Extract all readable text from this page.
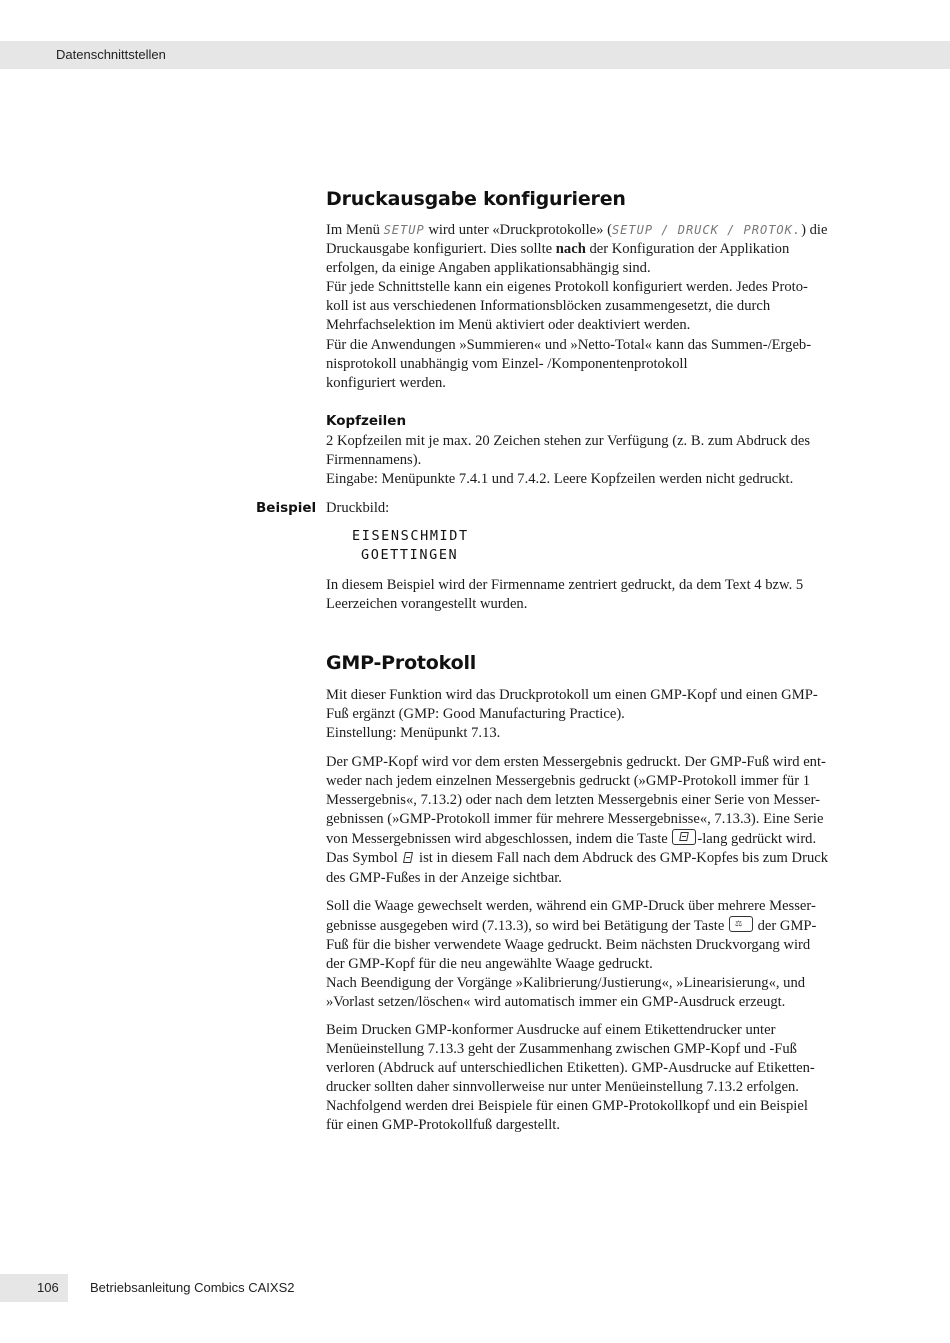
Datenschnittstellen
Druckausgabe konfigurieren
Im Menü SETUP wird unter «Druckprotokolle» (SETUP / DRUCK / PROTOK.) die
Druckausgabe konfiguriert. Dies sollte nach der Konfiguration der Applikation
erfolgen, da einige Angaben applikationsabhängig sind.
Für jede Schnittstelle kann ein eigenes Protokoll konfiguriert werden. Jedes Proto-
koll ist aus verschiedenen Informationsblöcken zusammengesetzt, die durch
Mehrfachselektion im Menü aktiviert oder deaktiviert werden.
Für die Anwendungen »Summieren« und »Netto-Total« kann das Summen-/Ergeb-
nisprotokoll unabhängig vom Einzel- /Komponentenprotokoll
konfiguriert werden.
Kopfzeilen
2 Kopfzeilen mit je max. 20 Zeichen stehen zur Verfügung (z. B. zum Abdruck des
Firmennamens).
Eingabe: Menüpunkte 7.4.1 und 7.4.2. Leere Kopfzeilen werden nicht gedruckt.
Beispiel Druckbild:
EISENSCHMIDT
GOETTINGEN
In diesem Beispiel wird der Firmenname zentriert gedruckt, da dem Text 4 bzw. 5
Leerzeichen vorangestellt wurden.
GMP-Protokoll
Mit dieser Funktion wird das Druckprotokoll um einen GMP-Kopf und einen GMP-
Fuß ergänzt (GMP: Good Manufacturing Practice).
Einstellung: Menüpunkt 7.13.
Der GMP-Kopf wird vor dem ersten Messergebnis gedruckt. Der GMP-Fuß wird ent-
weder nach jedem einzelnen Messergebnis gedruckt (»GMP-Protokoll immer für 1
Messergebnis«, 7.13.2) oder nach dem letzten Messergebnis einer Serie von Messer-
gebnissen (»GMP-Protokoll immer für mehrere Messergebnisse«, 7.13.3). Eine Serie
von Messergebnissen wird abgeschlossen, indem die Taste
-lang gedrückt wird.
Das Symbol  ist in diesem Fall nach dem Abdruck des GMP-Kopfes bis zum Druck
des GMP-Fußes in der Anzeige sichtbar.
Soll die Waage gewechselt werden, während ein GMP-Druck über mehrere Messer-
gebnisse ausgegeben wird (7.13.3), so wird bei Betätigung der Taste ⚖ der GMP-
Fuß für die bisher verwendete Waage gedruckt. Beim nächsten Druckvorgang wird
der GMP-Kopf für die neu angewählte Waage gedruckt.
Nach Beendigung der Vorgänge »Kalibrierung/Justierung«, »Linearisierung«, und
»Vorlast setzen/löschen« wird automatisch immer ein GMP-Ausdruck erzeugt.
Beim Drucken GMP-konformer Ausdrucke auf einem Etikettendrucker unter
Menüeinstellung 7.13.3 geht der Zusammenhang zwischen GMP-Kopf und -Fuß
verloren (Abdruck auf unterschiedlichen Etiketten). GMP-Ausdrucke auf Etiketten-
drucker sollten daher sinnvollerweise nur unter Menüeinstellung 7.13.2 erfolgen.
Nachfolgend werden drei Beispiele für einen GMP-Protokollkopf und ein Beispiel
für einen GMP-Protokollfuß dargestellt.
106 Betriebsanleitung Combics CAIXS2
